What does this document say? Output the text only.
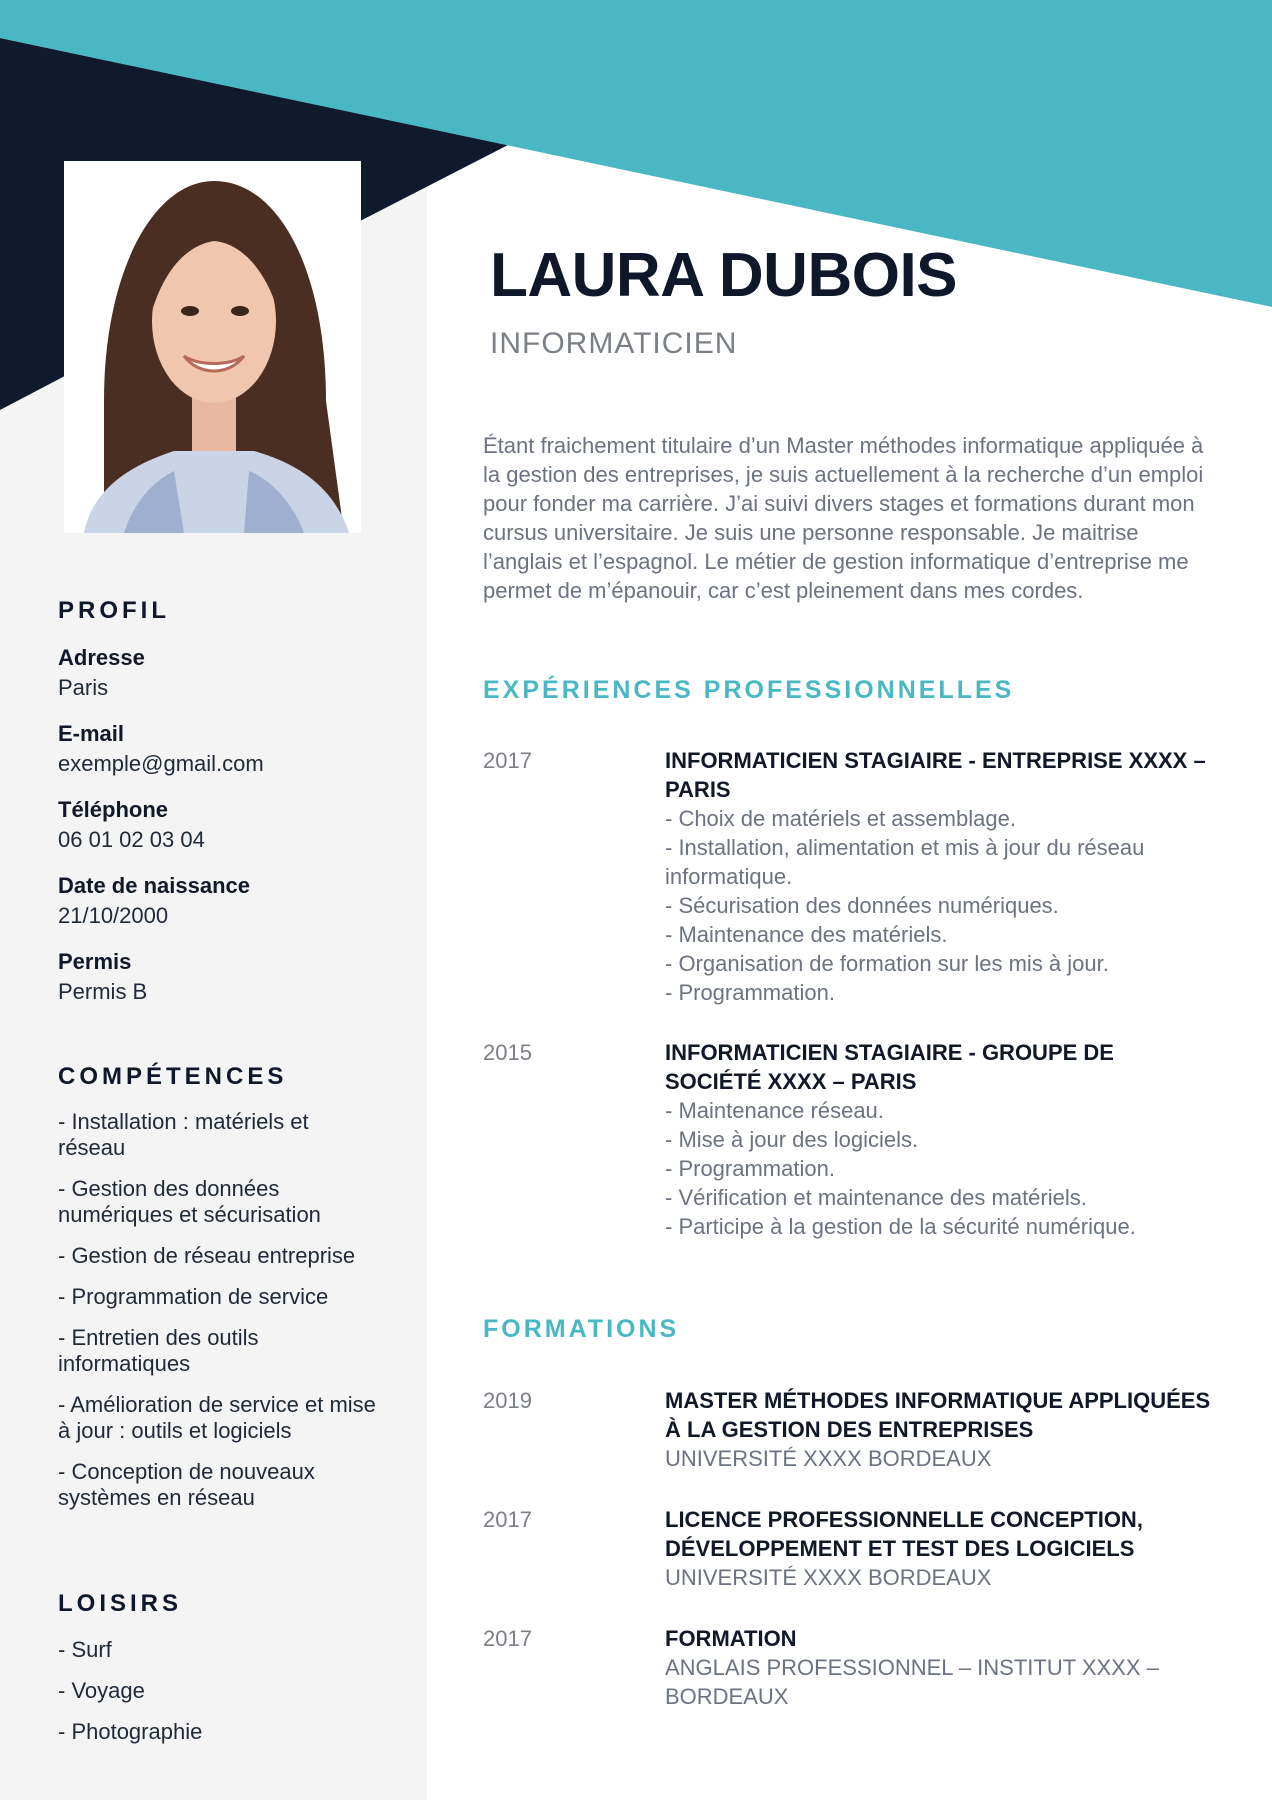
PROFIL
Adresse
Paris
E-mail
exemple@gmail.com
Téléphone
06 01 02 03 04
Date de naissance
21/10/2000
Permis
Permis B
COMPÉTENCES
- Installation : matériels et réseau
- Gestion des données numériques et sécurisation
- Gestion de réseau entreprise
- Programmation de service
- Entretien des outils informatiques
- Amélioration de service et mise à jour : outils et logiciels
- Conception de nouveaux systèmes en réseau
LOISIRS
- Surf
- Voyage
- Photographie
LAURA DUBOIS
INFORMATICIEN
Étant fraichement titulaire d’un Master méthodes informatique appliquée à la gestion des entreprises, je suis actuellement à la recherche d’un emploi pour fonder ma carrière. J’ai suivi divers stages et formations durant mon cursus universitaire. Je suis une personne responsable. Je maitrise l’anglais et l’espagnol. Le métier de gestion informatique d’entreprise me permet de m’épanouir, car c’est pleinement dans mes cordes.
EXPÉRIENCES PROFESSIONNELLES
2017	INFORMATICIEN STAGIAIRE - ENTREPRISE XXXX – PARIS
- Choix de matériels et assemblage.
- Installation, alimentation et mis à jour du réseau informatique.
- Sécurisation des données numériques.
- Maintenance des matériels.
- Organisation de formation sur les mis à jour.
- Programmation.
2015	INFORMATICIEN STAGIAIRE - GROUPE DE SOCIÉTÉ XXXX – PARIS
- Maintenance réseau.
- Mise à jour des logiciels.
- Programmation.
- Vérification et maintenance des matériels.
- Participe à la gestion de la sécurité numérique.
FORMATIONS
2019	MASTER MÉTHODES INFORMATIQUE APPLIQUÉES À LA GESTION DES ENTREPRISES
UNIVERSITÉ XXXX BORDEAUX
2017	LICENCE PROFESSIONNELLE CONCEPTION, DÉVELOPPEMENT ET TEST DES LOGICIELS
UNIVERSITÉ XXXX BORDEAUX
2017	FORMATION
ANGLAIS PROFESSIONNEL – INSTITUT XXXX – BORDEAUX
